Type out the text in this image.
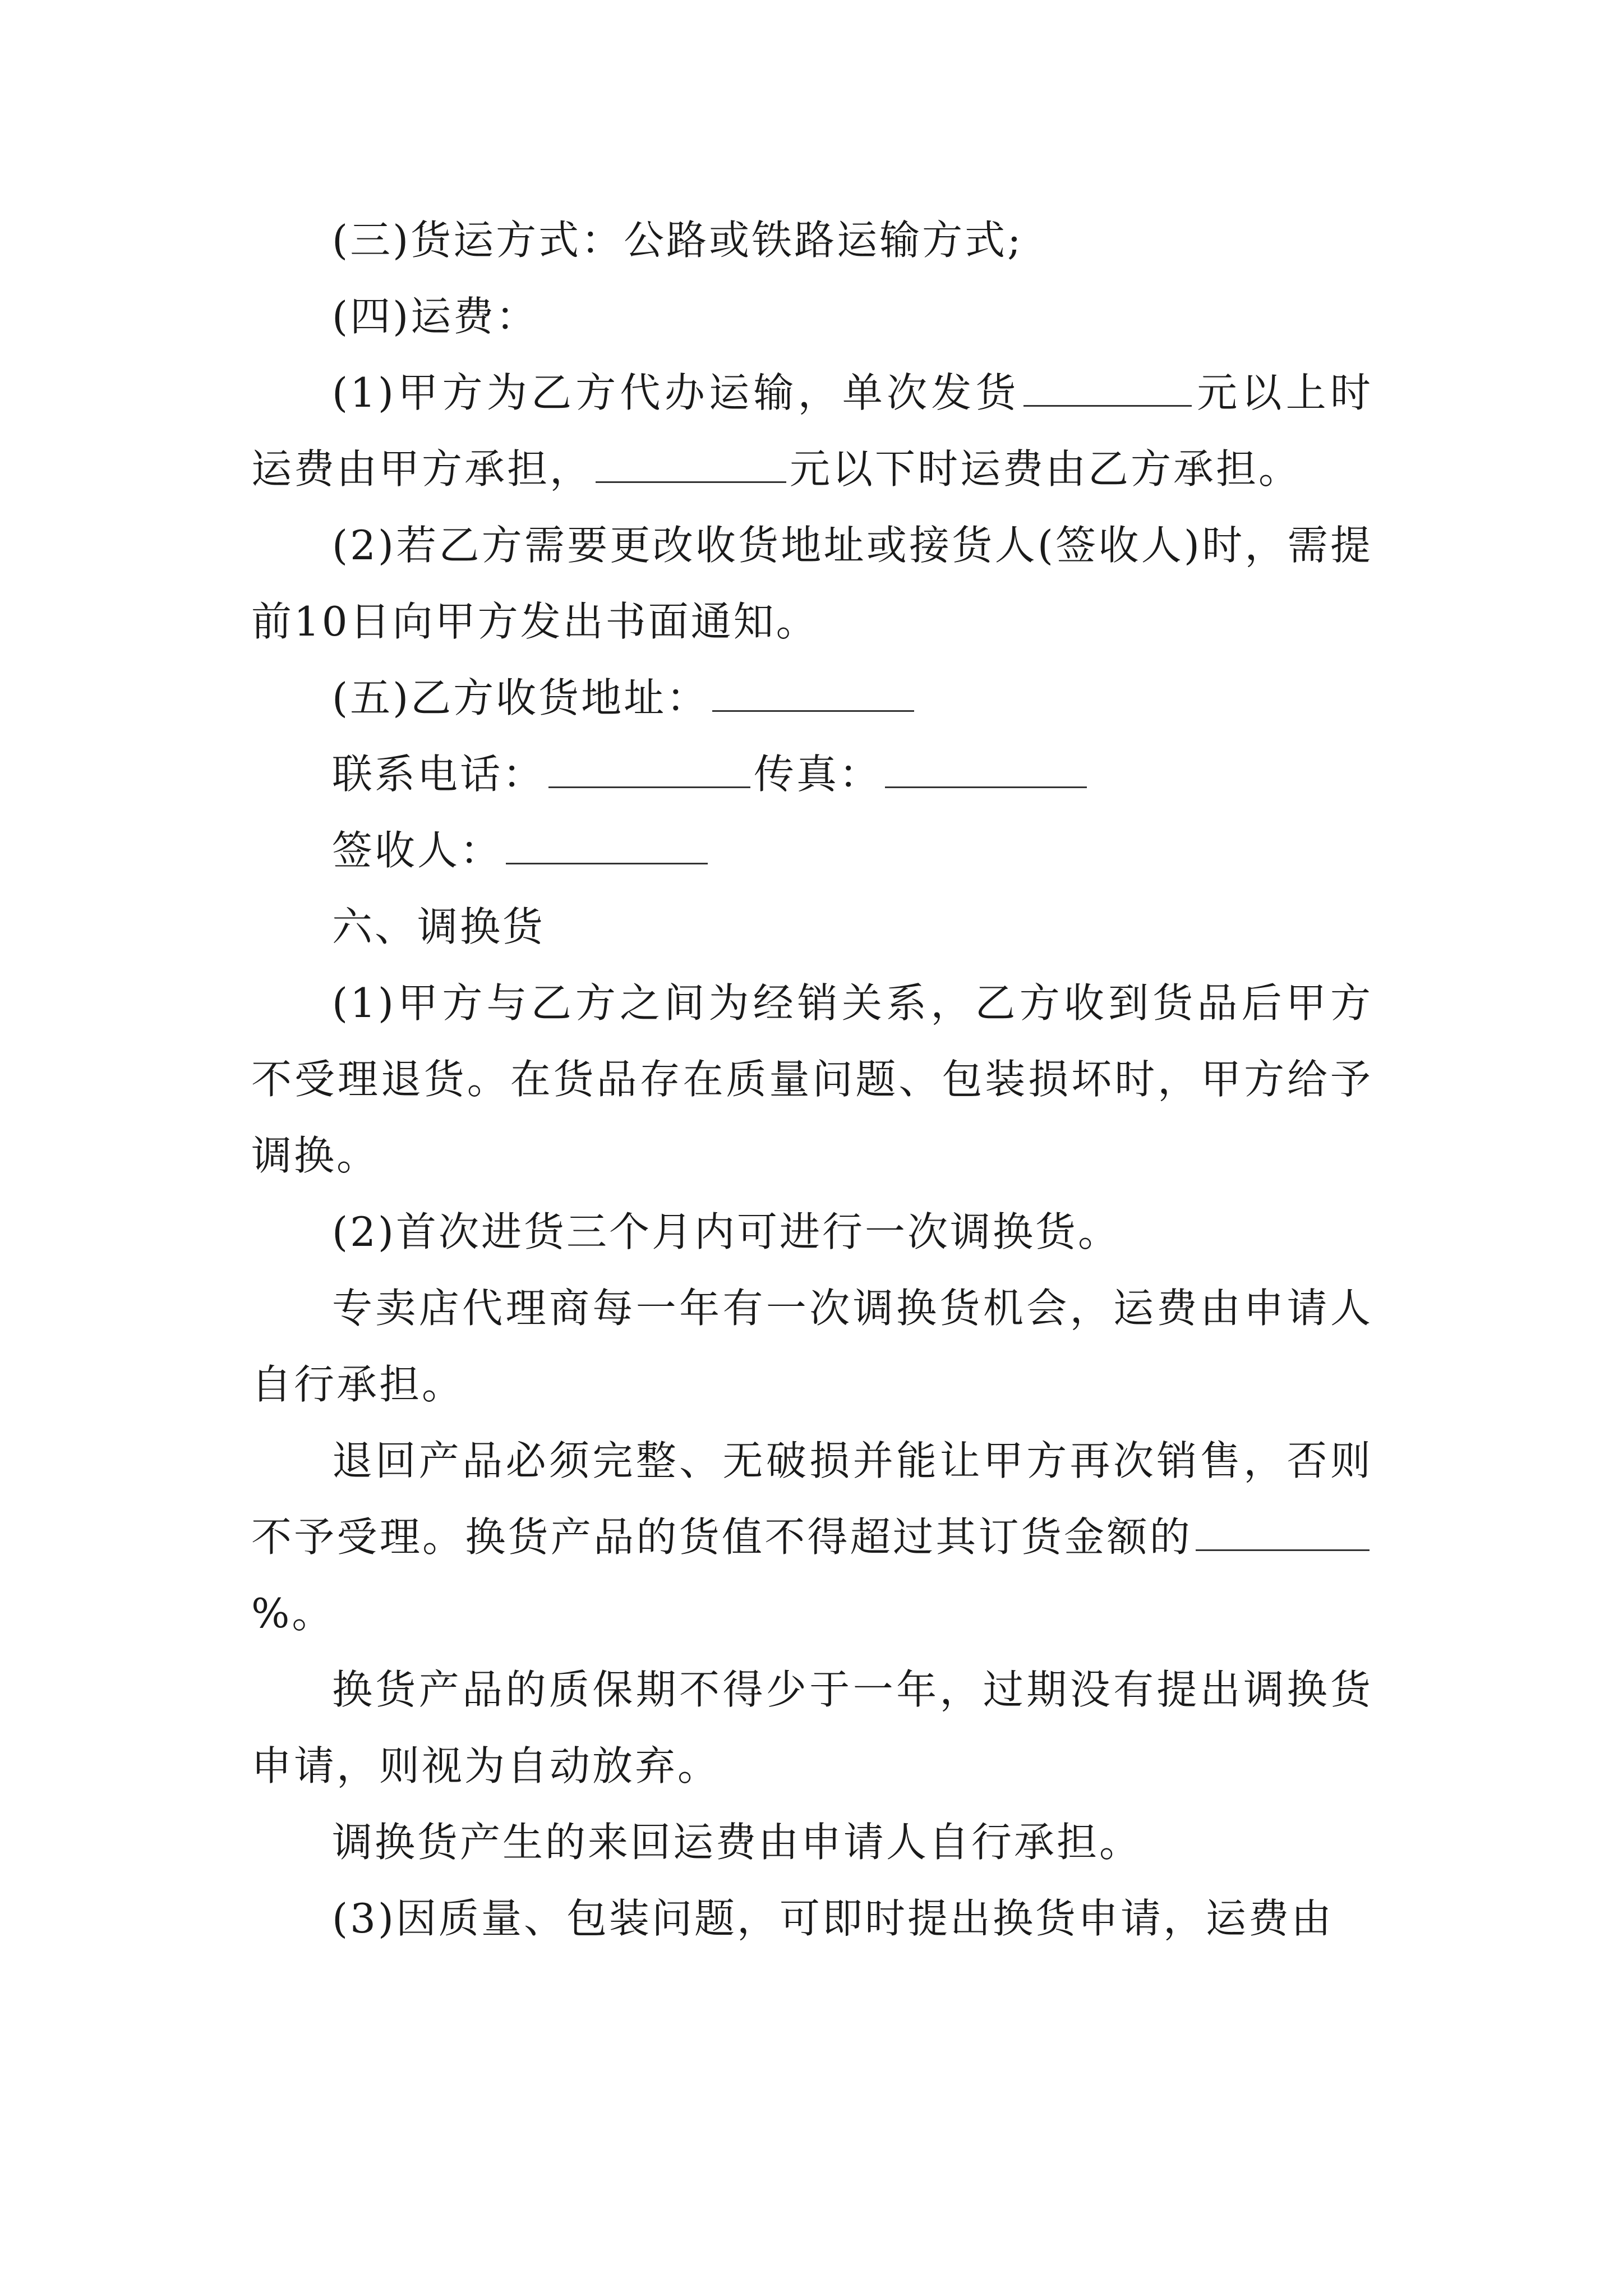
(三)货运方式：公路或铁路运输方式;

(四)运费：

(1)甲方为乙方代办运输，单次发货	元以上时运费由甲方承担，	元以下时运费由乙方承担。

(2)若乙方需要更改收货地址或接货人(签收人)时，需提前10日向甲方发出书面通知。

(五)乙方收货地址：

联系电话：	传真：

签收人：

六、调换货

(1)甲方与乙方之间为经销关系，乙方收到货品后甲方不受理退货。在货品存在质量问题、包装损坏时，甲方给予调换。

(2)首次进货三个月内可进行一次调换货。

专卖店代理商每一年有一次调换货机会，运费由申请人自行承担。

退回产品必须完整、无破损并能让甲方再次销售，否则不予受理。换货产品的货值不得超过其订货金额的%。

换货产品的质保期不得少于一年，过期没有提出调换货申请，则视为自动放弃。

调换货产生的来回运费由申请人自行承担。

(3)因质量、包装问题，可即时提出换货申请，运费由
